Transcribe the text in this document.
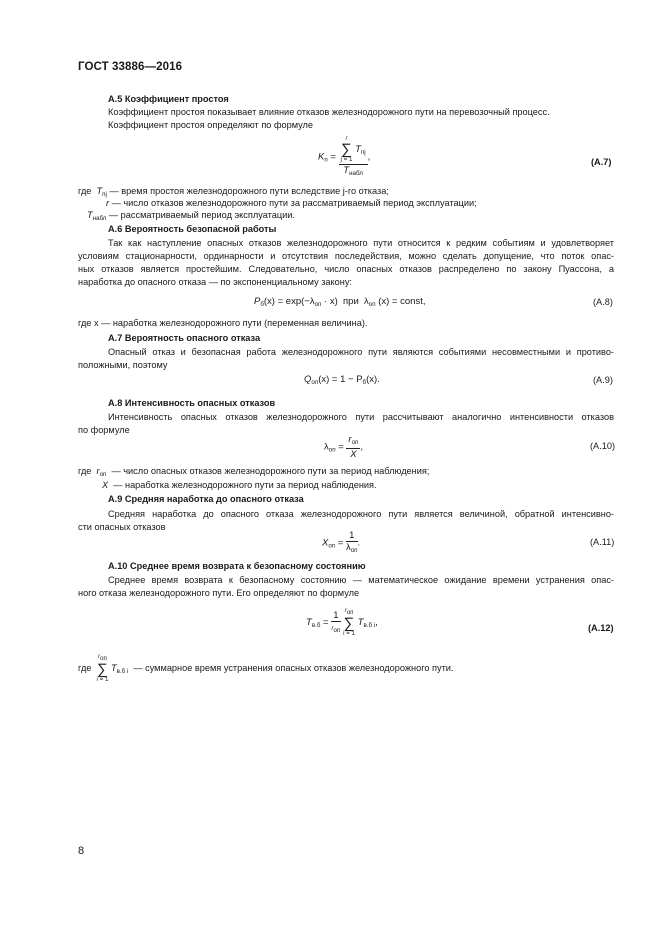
ГОСТ 33886—2016
А.5 Коэффициент простоя
Коэффициент простоя показывает влияние отказов железнодорожного пути на перевозочный процесс.
Коэффициент простоя определяют по формуле
$K_п$ =
r
∑
j = 1 $T_{пj}$
$T_{набл}$
,	(А.7)
где $T_{пj}$ — время простоя железнодорожного пути вследствие j-го отказа;
r — число отказов железнодорожного пути за рассматриваемый период эксплуатации;
$T_{набл}$ — рассматриваемый период эксплуатации.
А.6 Вероятность безопасной работы
Так как наступление опасных отказов железнодорожного пути относится к редким событиям и удовлетворяет
условиям стационарности, ординарности и отсутствия последействия, можно сделать допущение, что поток опас-
ных отказов является простейшим. Следовательно, число опасных отказов распределено по закону Пуассона, а
наработка до опасного отказа — по экспоненциальному закону:
$P_б(x) = \exp(-\lambda_{оп} \cdot x)$ при $\lambda_{оп}$ (x) = const,	(А.8)
где x — наработка железнодорожного пути (переменная величина).
А.7 Вероятность опасного отказа
Опасный отказ и безопасная работа железнодорожного пути являются событиями несовместными и противо-
положными, поэтому
$Q_{оп}(x) = 1 - P_б(x)$.	(А.9)
А.8 Интенсивность опасных отказов
Интенсивность опасных отказов железнодорожного пути рассчитывают аналогично интенсивности отказов
по формуле
$\lambda_{оп}$ =
$r_{оп}$
X
,	(А.10)
где $r_{оп}$ — число опасных отказов железнодорожного пути за период наблюдения;
X — наработка железнодорожного пути за период наблюдения.
А.9 Средняя наработка до опасного отказа
Средняя наработка до опасного отказа железнодорожного пути является величиной, обратной интенсивно-
сти опасных отказов
$X_{оп}$ =
1
$\lambda_{оп}$
.	(А.11)
А.10 Среднее время возврата к безопасному состоянию
Среднее время возврата к безопасному состоянию — математическое ожидание времени устранения опас-
ного отказа железнодорожного пути. Его определяют по формуле
$T_{в.б}$ =
1
$r_{оп}$
rоп
∑
i = 1 $T_{в.б i}$,	(А.12)
где  rоп
∑
i = 1 $T_{в.б i}$ — суммарное время устранения опасных отказов железнодорожного пути.
8
